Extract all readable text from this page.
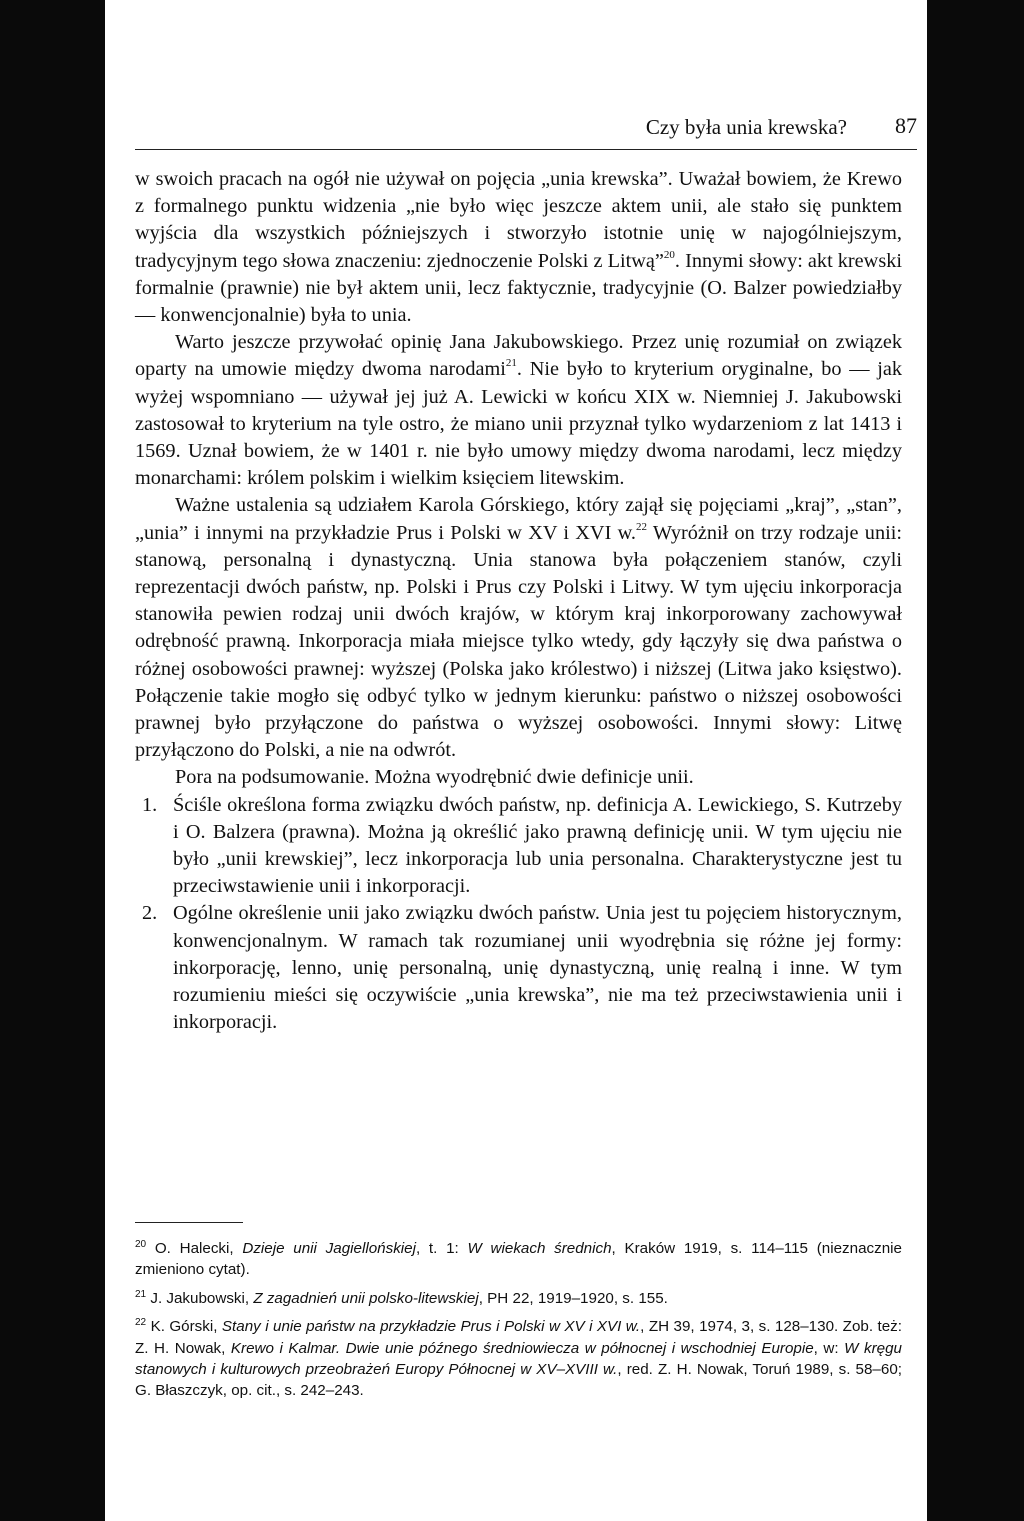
Czy była unia krewska? 87

w swoich pracach na ogół nie używał on pojęcia „unia krewska”. Uważał bowiem, że Krewo z formalnego punktu widzenia „nie było więc jeszcze aktem unii, ale stało się punktem wyjścia dla wszystkich późniejszych i stworzyło istotnie unię w najogólniejszym, tradycyjnym tego słowa znaczeniu: zjednoczenie Polski z Litwą”$^{20}$. Innymi słowy: akt krewski formalnie (prawnie) nie był aktem unii, lecz faktycznie, tradycyjnie (O. Balzer powiedziałby — konwencjonalnie) była to unia.

Warto jeszcze przywołać opinię Jana Jakubowskiego. Przez unię rozumiał on związek oparty na umowie między dwoma narodami$^{21}$. Nie było to kryterium oryginalne, bo — jak wyżej wspomniano — używał jej już A. Lewicki w końcu XIX w. Niemniej J. Jakubowski zastosował to kryterium na tyle ostro, że miano unii przyznał tylko wydarzeniom z lat 1413 i 1569. Uznał bowiem, że w 1401 r. nie było umowy między dwoma narodami, lecz między monarchami: królem polskim i wielkim księciem litewskim.

Ważne ustalenia są udziałem Karola Górskiego, który zajął się pojęciami „kraj”, „stan”, „unia” i innymi na przykładzie Prus i Polski w XV i XVI w.$^{22}$ Wyróżnił on trzy rodzaje unii: stanową, personalną i dynastyczną. Unia stanowa była połączeniem stanów, czyli reprezentacji dwóch państw, np. Polski i Prus czy Polski i Litwy. W tym ujęciu inkorporacja stanowiła pewien rodzaj unii dwóch krajów, w którym kraj inkorporowany zachowywał odrębność prawną. Inkorporacja miała miejsce tylko wtedy, gdy łączyły się dwa państwa o różnej osobowości prawnej: wyższej (Polska jako królestwo) i niższej (Litwa jako księstwo). Połączenie takie mogło się odbyć tylko w jednym kierunku: państwo o niższej osobowości prawnej było przyłączone do państwa o wyższej osobowości. Innymi słowy: Litwę przyłączono do Polski, a nie na odwrót.

Pora na podsumowanie. Można wyodrębnić dwie definicje unii.

1. Ściśle określona forma związku dwóch państw, np. definicja A. Lewickiego, S. Kutrzeby i O. Balzera (prawna). Można ją określić jako prawną definicję unii. W tym ujęciu nie było „unii krewskiej”, lecz inkorporacja lub unia personalna. Charakterystyczne jest tu przeciwstawienie unii i inkorporacji.
2. Ogólne określenie unii jako związku dwóch państw. Unia jest tu pojęciem historycznym, konwencjonalnym. W ramach tak rozumianej unii wyodrębnia się różne jej formy: inkorporację, lenno, unię personalną, unię dynastyczną, unię realną i inne. W tym rozumieniu mieści się oczywiście „unia krewska”, nie ma też przeciwstawienia unii i inkorporacji.

$^{20}$ O. Halecki, Dzieje unii Jagiellońskiej, t. 1: W wiekach średnich, Kraków 1919, s. 114–115 (nieznacznie zmieniono cytat).

$^{21}$ J. Jakubowski, Z zagadnień unii polsko-litewskiej, PH 22, 1919–1920, s. 155.

$^{22}$ K. Górski, Stany i unie państw na przykładzie Prus i Polski w XV i XVI w., ZH 39, 1974, 3, s. 128–130. Zob. też: Z. H. Nowak, Krewo i Kalmar. Dwie unie późnego średniowiecza w północnej i wschodniej Europie, w: W kręgu stanowych i kulturowych przeobrażeń Europy Północnej w XV–XVIII w., red. Z. H. Nowak, Toruń 1989, s. 58–60; G. Błaszczyk, op. cit., s. 242–243.
